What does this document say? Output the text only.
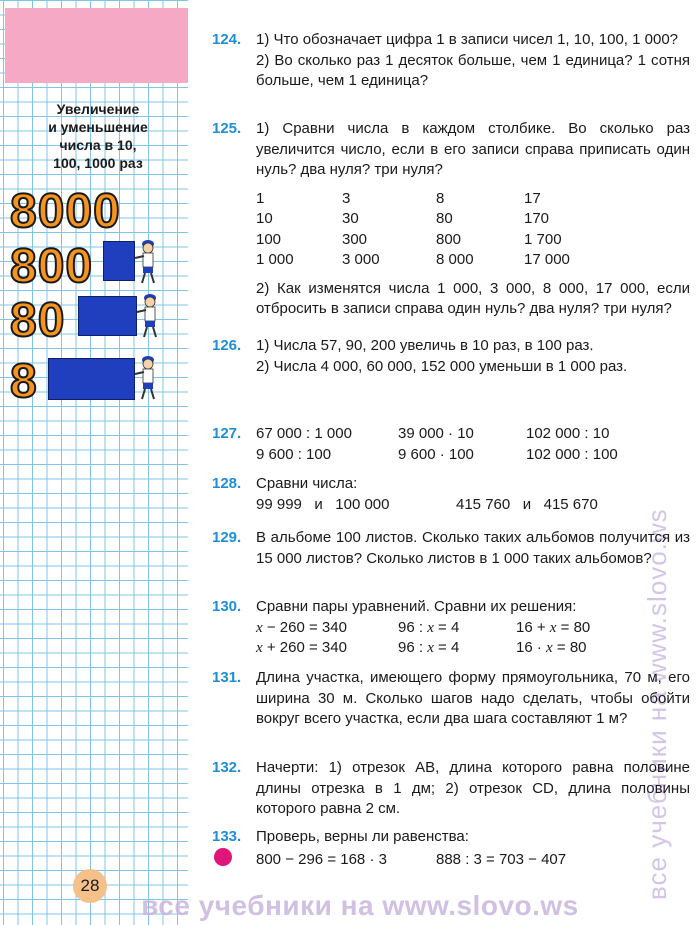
Увеличение
и уменьшение
числа в 10,
100, 1000 раз
8000
800
80
8
28	все учебники на www.slovo.ws
124. 1) Что обозначает цифра 1 в записи чисел 1, 10, 100, 1 000?

2) Во сколько раз 1 десяток больше, чем 1 единица? 1 сотня больше, чем 1 единица?

125. 1) Сравни числа в каждом столбике. Во сколько раз увеличится число, если в его записи справа приписать один нуль? два нуля? три нуля?

1	3	8	17
10	30	80	170
100	300	800	1 700
1 000	3 000	8 000	17 000

2) Как изменятся числа 1 000, 3 000, 8 000, 17 000, если отбросить в записи справа один нуль? два нуля? три нуля?

126. 1) Числа 57, 90, 200 увеличь в 10 раз, в 100 раз.

2) Числа 4 000, 60 000, 152 000 уменьши в 1 000 раз.

127. 67 000 : 1 000	39 000 · 10	102 000 : 10
9 600 : 100	9 600 · 100	102 000 : 100
128. Сравни числа:

99 999   и   100 000	415 760   и   415 670
129. В альбоме 100 листов. Сколько таких альбомов получится из 15 000 листов? Сколько листов в 1 000 таких альбомов?

130. Сравни пары уравнений. Сравни их решения:

x − 260 = 340	96 : x = 4	16 + x = 80
x + 260 = 340	96 : x = 4	16 · x = 80
131. Длина участка, имеющего форму прямоугольника, 70 м, его ширина 30 м. Сколько шагов надо сделать, чтобы обойти вокруг всего участка, если два шага составляют 1 м?

132. Начерти: 1) отрезок AB, длина которого равна половине длины отрезка в 1 дм; 2) отрезок CD, длина половины которого равна 2 см.

133. Проверь, верны ли равенства:

800 − 296 = 168 · 3	888 : 3 = 703 − 407
все учебники на www.slovo.ws
